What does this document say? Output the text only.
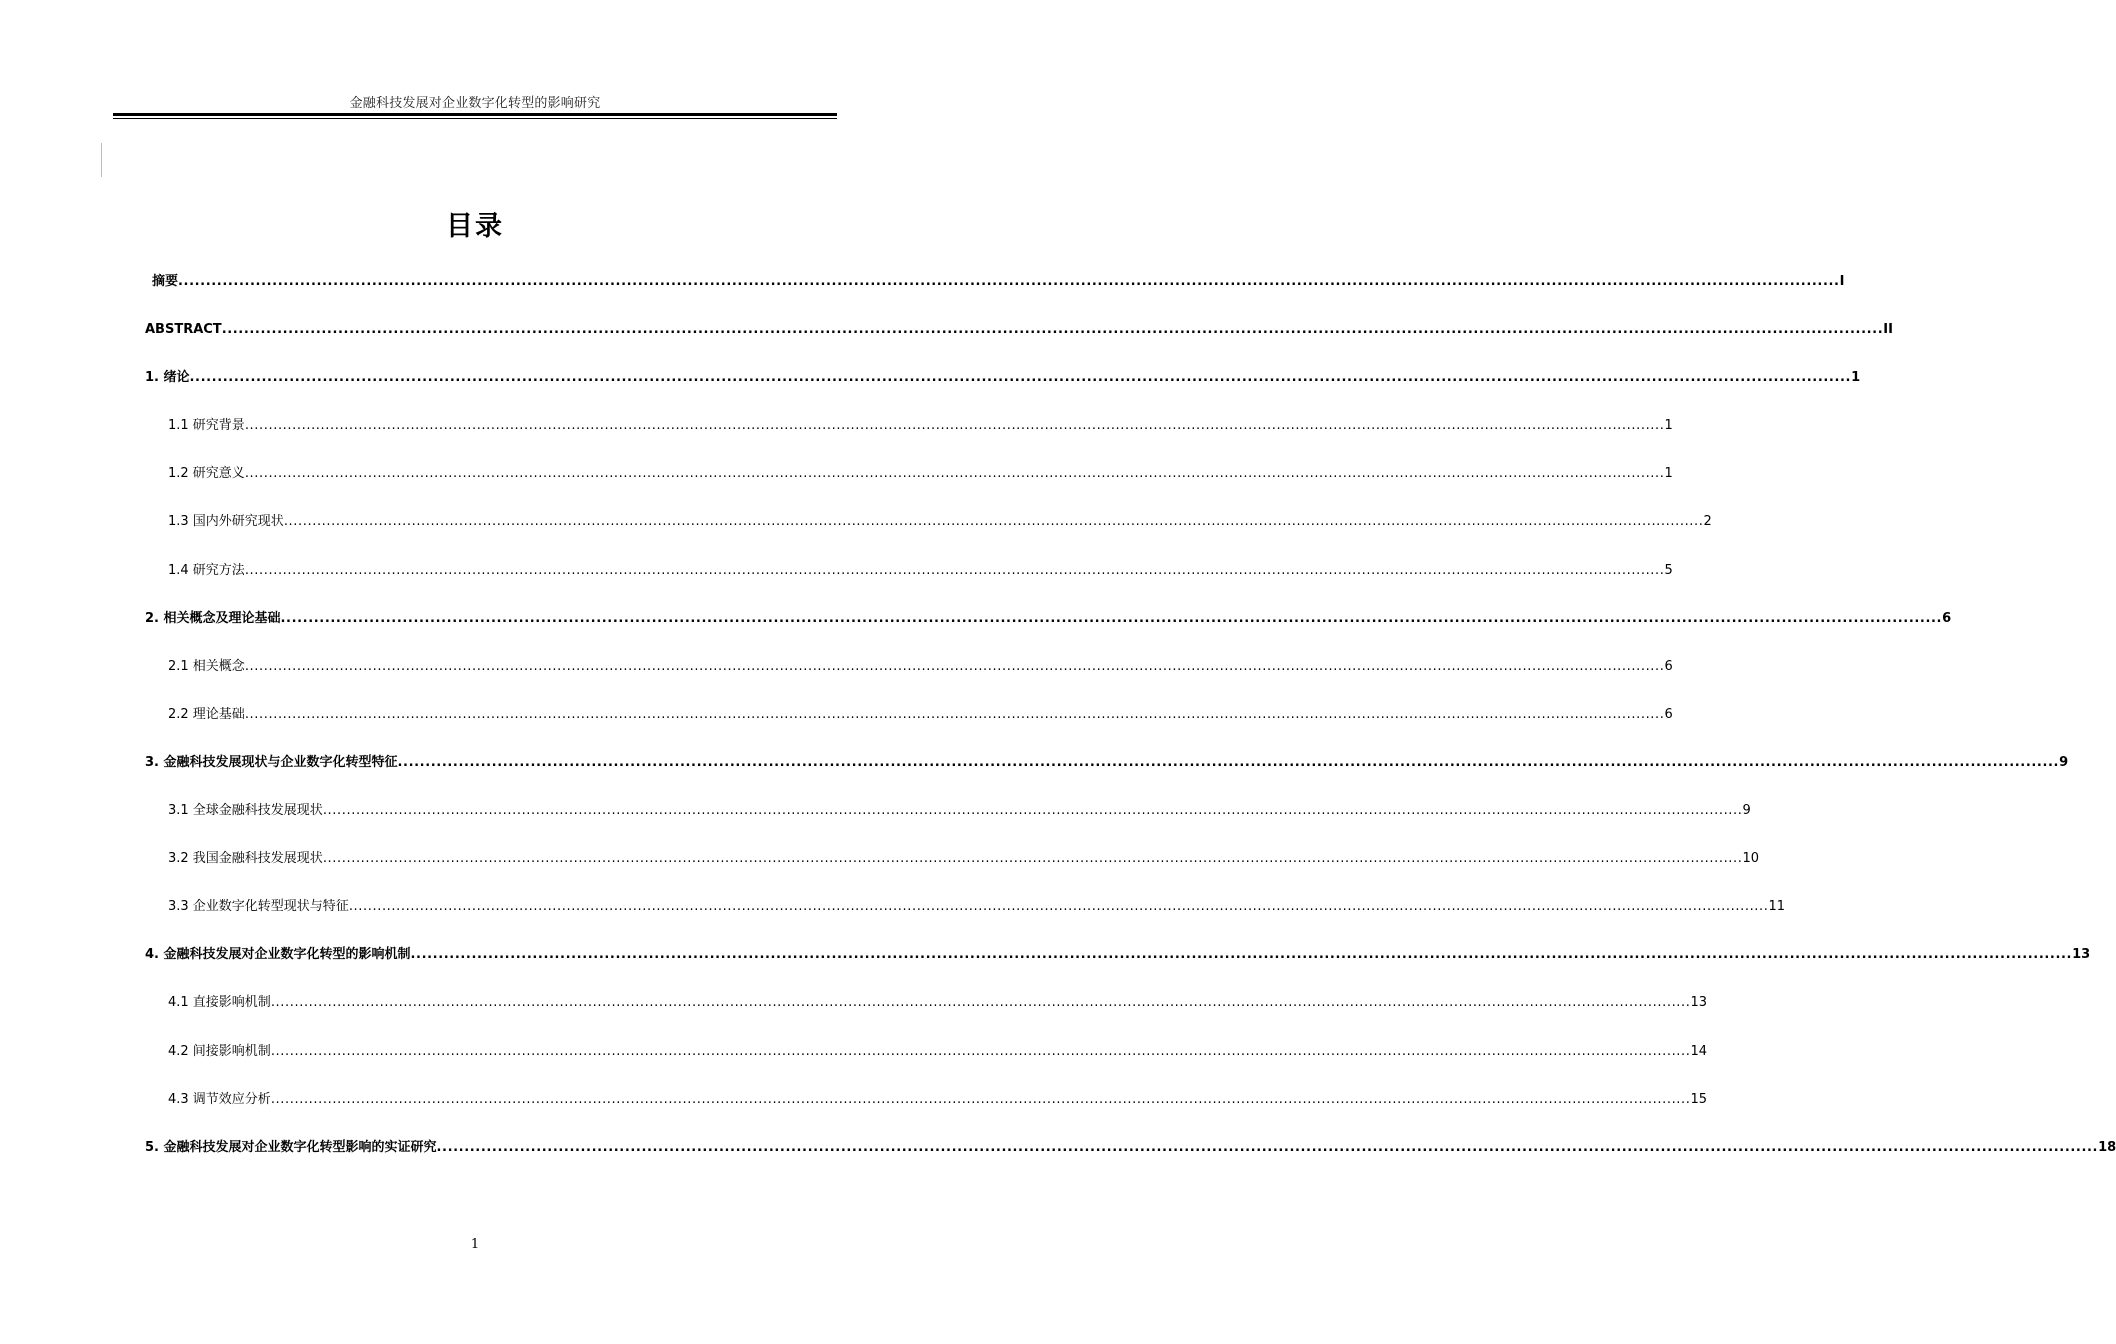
金融科技发展对企业数字化转型的影响研究
目录
摘要 ............................................................................................................................................................................................................................................................................................................ I
ABSTRACT ............................................................................................................................................................................................................................................................................................................ II
1. 绪论 ............................................................................................................................................................................................................................................................................................................ 1
1.1 研究背景 ............................................................................................................................................................................................................................................................................................................ 1
1.2 研究意义 ............................................................................................................................................................................................................................................................................................................ 1
1.3 国内外研究现状 ............................................................................................................................................................................................................................................................................................................ 2
1.4 研究方法 ............................................................................................................................................................................................................................................................................................................ 5
2. 相关概念及理论基础 ............................................................................................................................................................................................................................................................................................................ 6
2.1 相关概念 ............................................................................................................................................................................................................................................................................................................ 6
2.2 理论基础 ............................................................................................................................................................................................................................................................................................................ 6
3. 金融科技发展现状与企业数字化转型特征 ............................................................................................................................................................................................................................................................................................................ 9
3.1 全球金融科技发展现状 ............................................................................................................................................................................................................................................................................................................ 9
3.2 我国金融科技发展现状 ............................................................................................................................................................................................................................................................................................................ 10
3.3 企业数字化转型现状与特征 ............................................................................................................................................................................................................................................................................................................ 11
4. 金融科技发展对企业数字化转型的影响机制 ............................................................................................................................................................................................................................................................................................................ 13
4.1 直接影响机制 ............................................................................................................................................................................................................................................................................................................ 13
4.2 间接影响机制 ............................................................................................................................................................................................................................................................................................................ 14
4.3 调节效应分析 ............................................................................................................................................................................................................................................................................................................ 15
5. 金融科技发展对企业数字化转型影响的实证研究 ............................................................................................................................................................................................................................................................................................................ 18
1
